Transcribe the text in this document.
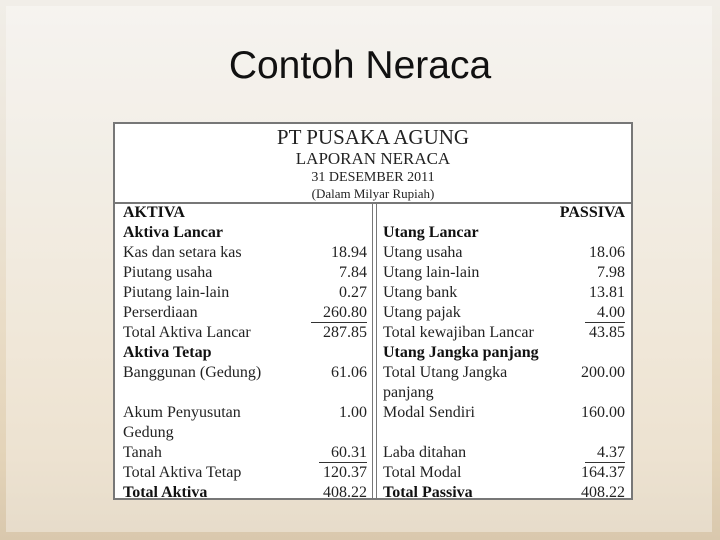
Contoh Neraca
PT PUSAKA AGUNG
LAPORAN NERACA
31 DESEMBER 2011
(Dalam Milyar Rupiah)
AKTIVA	PASSIVA
Aktiva Lancar	Utang Lancar
Kas dan setara kas	18.94 Utang usaha	18.06
Piutang usaha	7.84 Utang lain-lain	7.98
Piutang lain-lain	0.27 Utang bank	13.81
Perserdiaan	260.80 Utang pajak	4.00
Total Aktiva Lancar	287.85 Total kewajiban Lancar	43.85
Aktiva Tetap	Utang Jangka panjang
Banggunan (Gedung)	61.06 Total Utang Jangka	200.00
panjang
Akum Penyusutan	1.00 Modal Sendiri	160.00
Gedung
Tanah	60.31 Laba ditahan	4.37
Total Aktiva Tetap	120.37 Total Modal	164.37
Total Aktiva	408.22 Total Passiva	408.22
